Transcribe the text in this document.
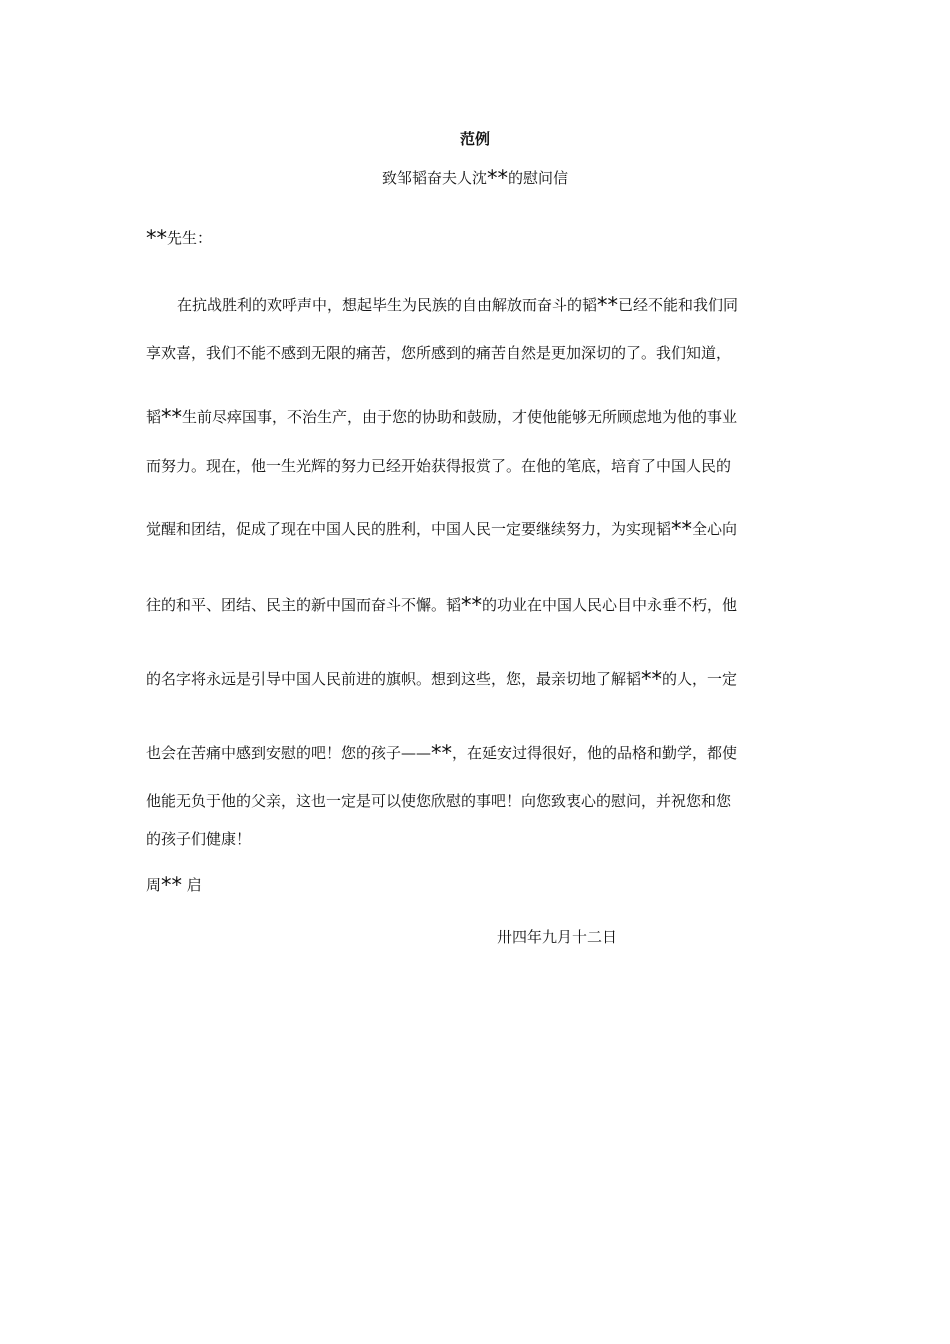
范例
致邹韬奋夫人沈**的慰问信
**先生：
在抗战胜利的欢呼声中，想起毕生为民族的自由解放而奋斗的韬**已经不能和我们同
享欢喜，我们不能不感到无限的痛苦，您所感到的痛苦自然是更加深切的了。我们知道，
韬**生前尽瘁国事，不治生产，由于您的协助和鼓励，才使他能够无所顾虑地为他的事业
而努力。现在，他一生光辉的努力已经开始获得报赏了。在他的笔底，培育了中国人民的
觉醒和团结，促成了现在中国人民的胜利，中国人民一定要继续努力，为实现韬**全心向
往的和平、团结、民主的新中国而奋斗不懈。韬**的功业在中国人民心目中永垂不朽，他
的名字将永远是引导中国人民前进的旗帜。想到这些，您，最亲切地了解韬**的人，一定
也会在苦痛中感到安慰的吧！您的孩子——**，在延安过得很好，他的品格和勤学，都使
他能无负于他的父亲，这也一定是可以使您欣慰的事吧！向您致衷心的慰问，并祝您和您
的孩子们健康！
周** 启
卅四年九月十二日
